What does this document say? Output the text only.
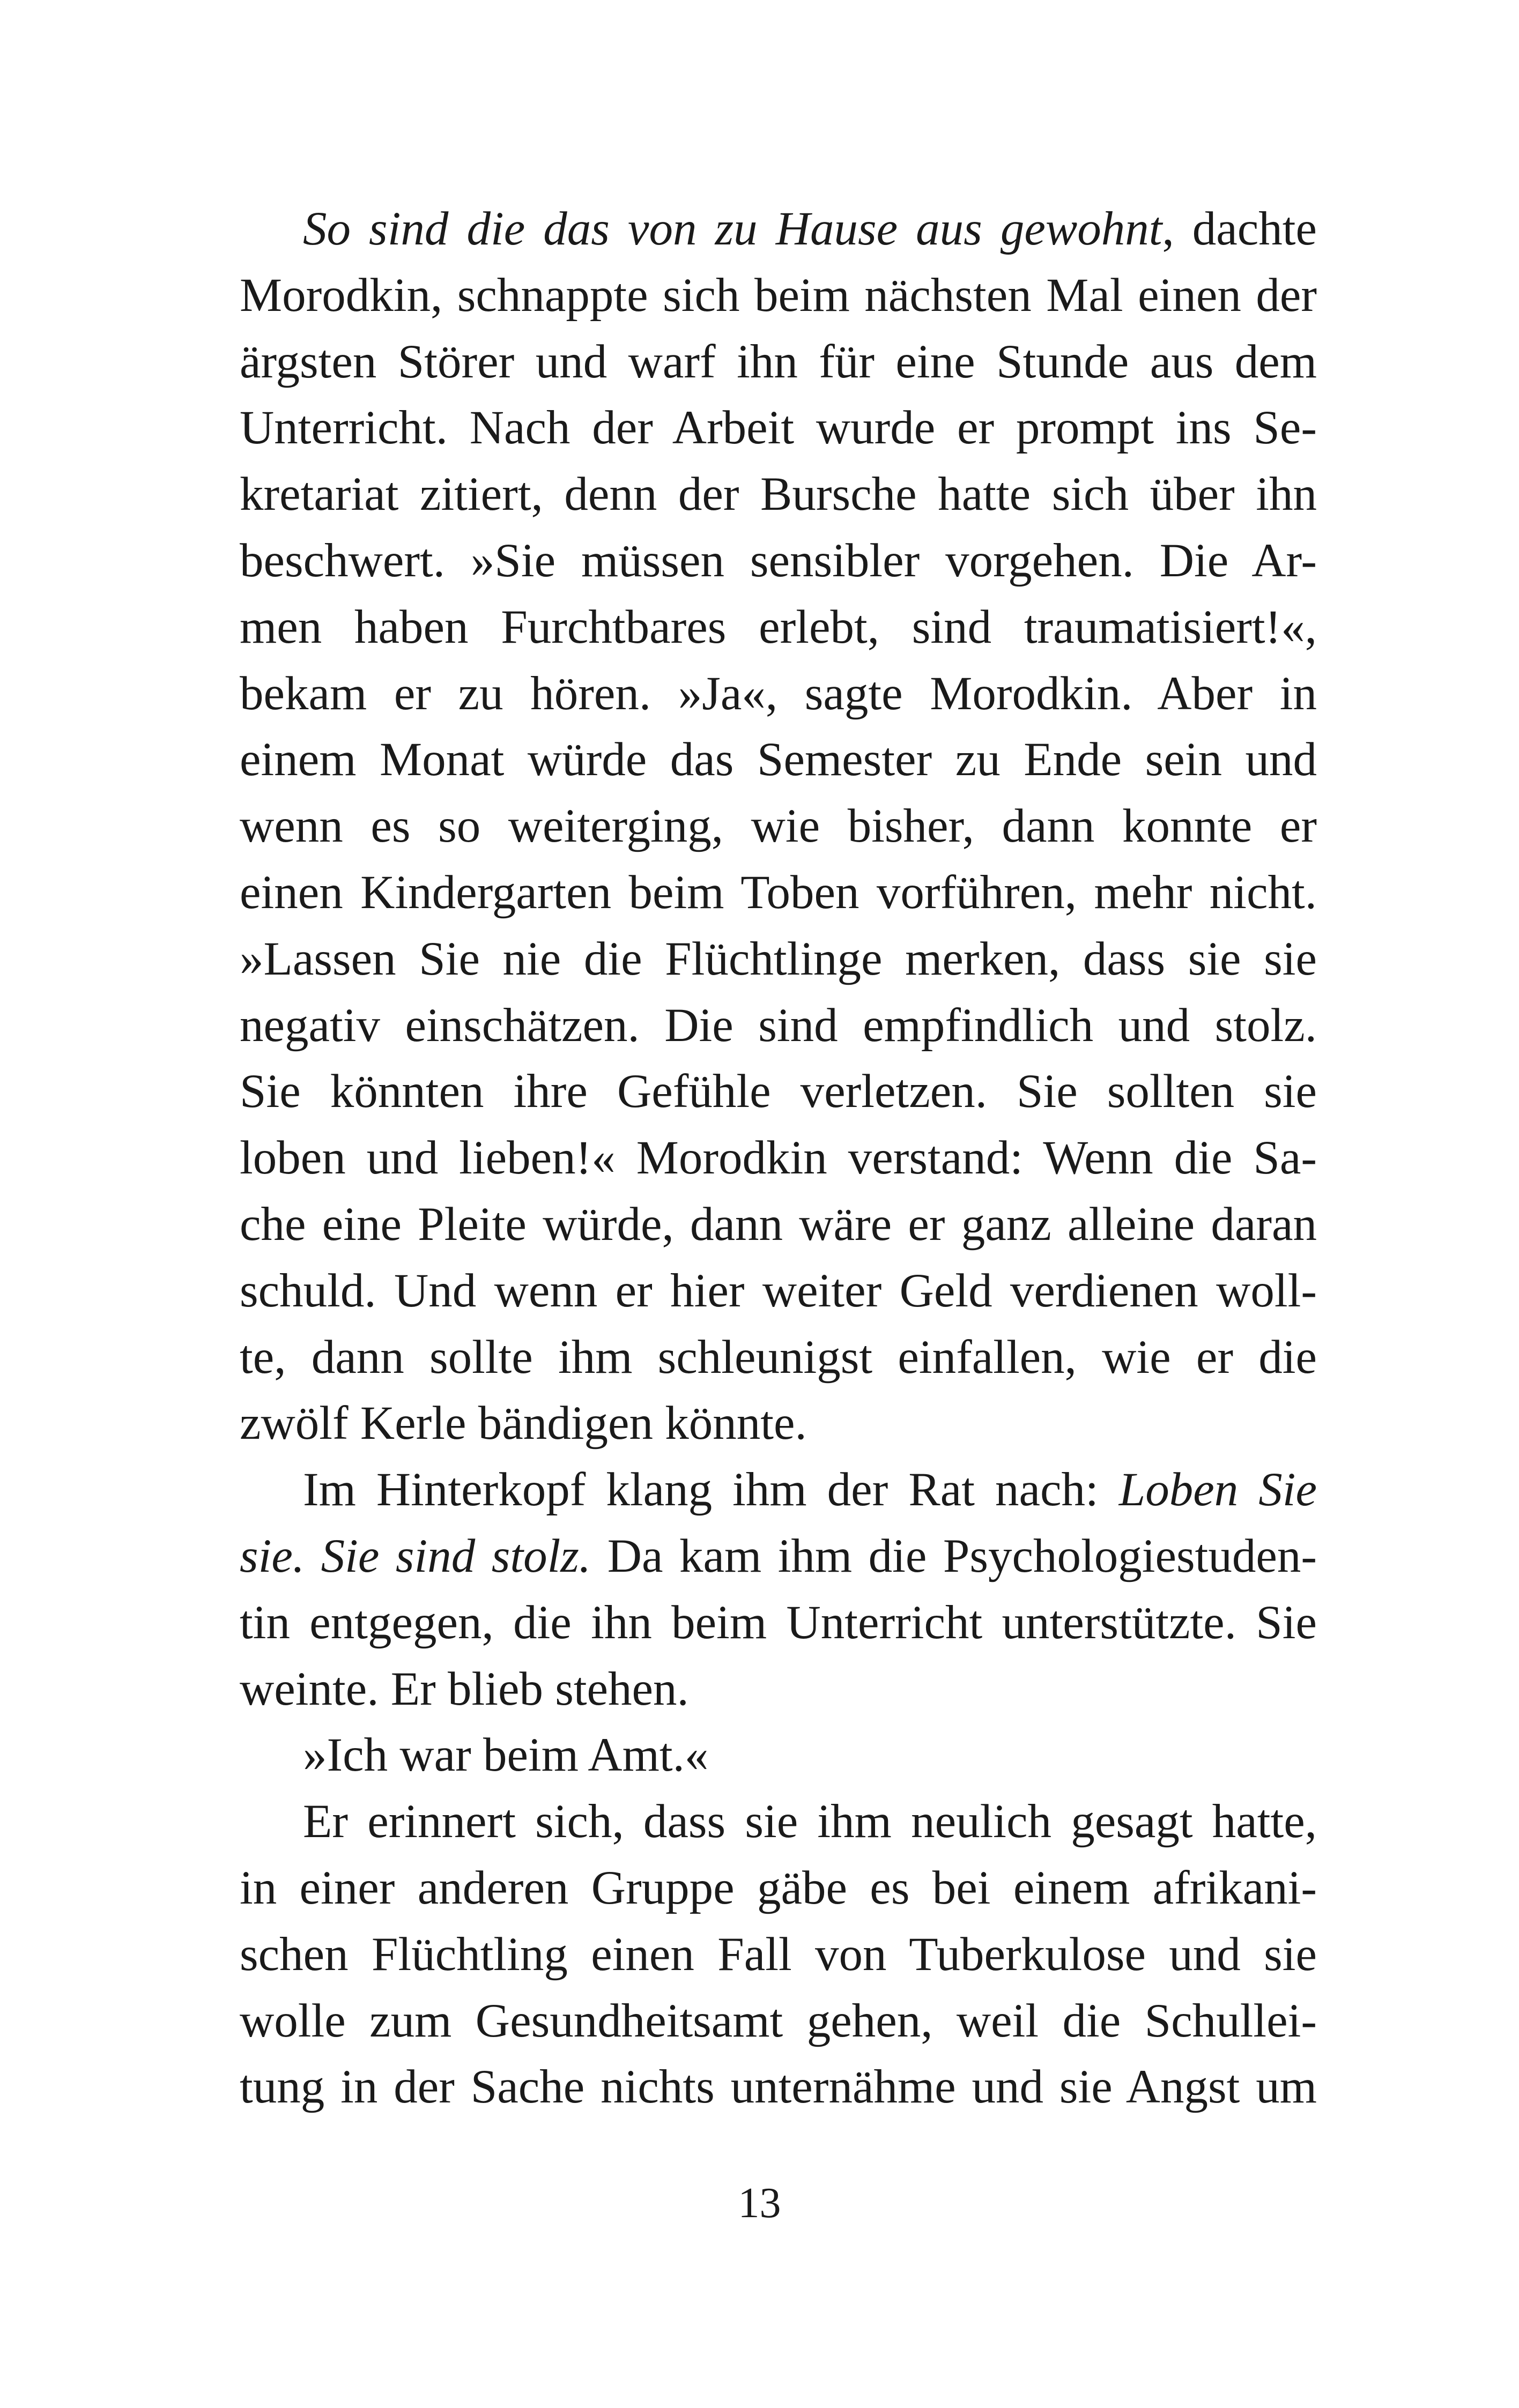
So sind die das von zu Hause aus gewohnt, dachte
Morodkin, schnappte sich beim nächsten Mal einen der
ärgsten Störer und warf ihn für eine Stunde aus dem
Unterricht. Nach der Arbeit wurde er prompt ins Se-
kretariat zitiert, denn der Bursche hatte sich über ihn
beschwert. »Sie müssen sensibler vorgehen. Die Ar-
men haben Furchtbares erlebt, sind traumatisiert!«,
bekam er zu hören. »Ja«, sagte Morodkin. Aber in
einem Monat würde das Semester zu Ende sein und
wenn es so weiterging, wie bisher, dann konnte er
einen Kindergarten beim Toben vorführen, mehr nicht.
»Lassen Sie nie die Flüchtlinge merken, dass sie sie
negativ einschätzen. Die sind empfindlich und stolz.
Sie könnten ihre Gefühle verletzen. Sie sollten sie
loben und lieben!« Morodkin verstand: Wenn die Sa-
che eine Pleite würde, dann wäre er ganz alleine daran
schuld. Und wenn er hier weiter Geld verdienen woll-
te, dann sollte ihm schleunigst einfallen, wie er die
zwölf Kerle bändigen könnte.
Im Hinterkopf klang ihm der Rat nach: Loben Sie
sie. Sie sind stolz. Da kam ihm die Psychologiestuden-
tin entgegen, die ihn beim Unterricht unterstützte. Sie
weinte. Er blieb stehen.
»Ich war beim Amt.«
Er erinnert sich, dass sie ihm neulich gesagt hatte,
in einer anderen Gruppe gäbe es bei einem afrikani-
schen Flüchtling einen Fall von Tuberkulose und sie
wolle zum Gesundheitsamt gehen, weil die Schullei-
tung in der Sache nichts unternähme und sie Angst um
13
